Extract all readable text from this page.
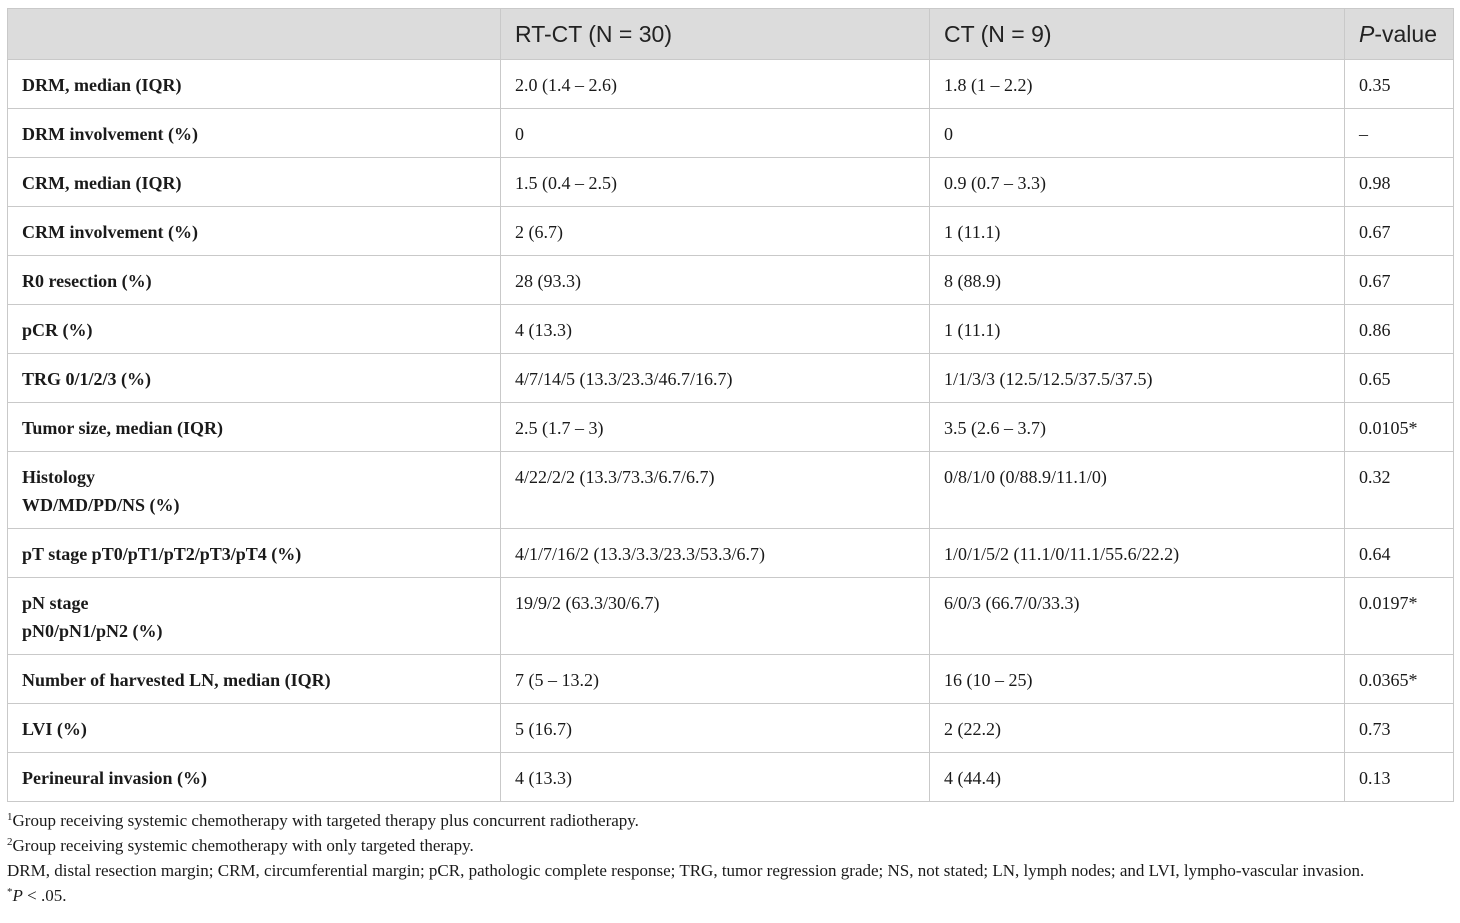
	RT-CT (N = 30)	CT (N = 9)	P-value

DRM, median (IQR)	2.0 (1.4 – 2.6)	1.8 (1 – 2.2)	0.35

DRM involvement (%)	0	0	–

CRM, median (IQR)	1.5 (0.4 – 2.5)	0.9 (0.7 – 3.3)	0.98

CRM involvement (%)	2 (6.7)	1 (11.1)	0.67

R0 resection (%)	28 (93.3)	8 (88.9)	0.67

pCR (%)	4 (13.3)	1 (11.1)	0.86

TRG 0/1/2/3 (%)	4/7/14/5 (13.3/23.3/46.7/16.7)	1/1/3/3 (12.5/12.5/37.5/37.5)	0.65

Tumor size, median (IQR)	2.5 (1.7 – 3)	3.5 (2.6 – 3.7)	0.0105*

Histology
WD/MD/PD/NS (%)	4/22/2/2 (13.3/73.3/6.7/6.7)	0/8/1/0 (0/88.9/11.1/0)	0.32

pT stage pT0/pT1/pT2/pT3/pT4 (%)	4/1/7/16/2 (13.3/3.3/23.3/53.3/6.7)	1/0/1/5/2 (11.1/0/11.1/55.6/22.2)	0.64

pN stage
pN0/pN1/pN2 (%)	19/9/2 (63.3/30/6.7)	6/0/3 (66.7/0/33.3)	0.0197*

Number of harvested LN, median (IQR)	7 (5 – 13.2)	16 (10 – 25)	0.0365*

LVI (%)	5 (16.7)	2 (22.2)	0.73

Perineural invasion (%)	4 (13.3)	4 (44.4)	0.13

$^1$Group receiving systemic chemotherapy with targeted therapy plus concurrent radiotherapy.

$^2$Group receiving systemic chemotherapy with only targeted therapy.

DRM, distal resection margin; CRM, circumferential margin; pCR, pathologic complete response; TRG, tumor regression grade; NS, not stated; LN, lymph nodes; and LVI, lympho-vascular invasion.

*P < .05.
